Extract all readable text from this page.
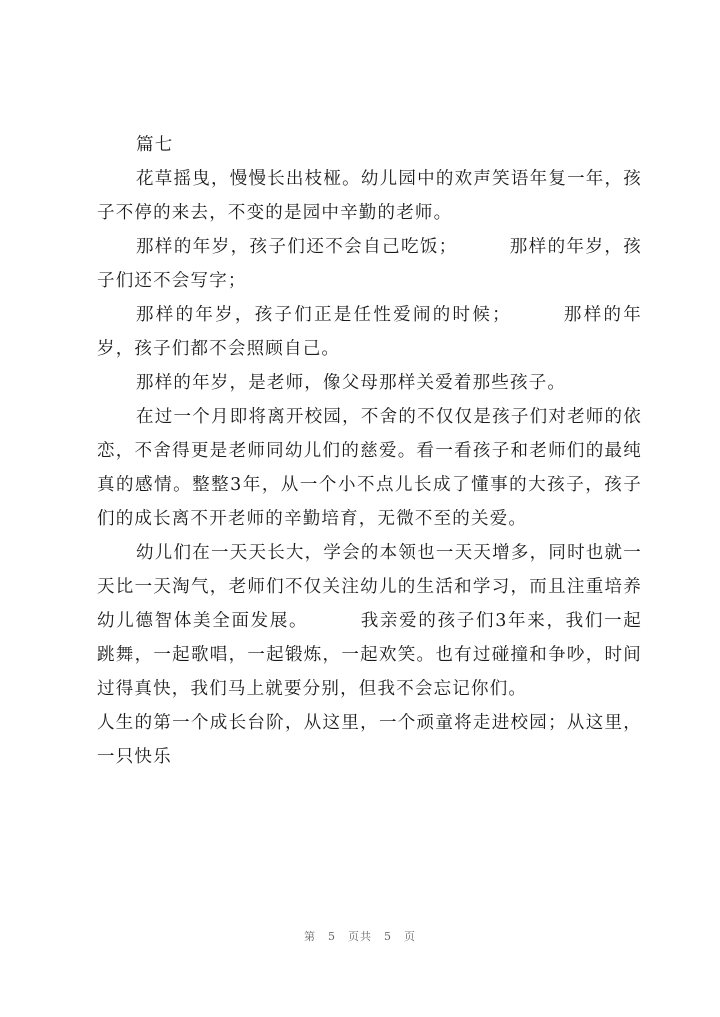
篇七

花草摇曳，慢慢长出枝桠。幼儿园中的欢声笑语年复一年，孩子不停的来去，不变的是园中辛勤的老师。

那样的年岁，孩子们还不会自己吃饭；	那样的年岁，孩子们还不会写字；

那样的年岁，孩子们正是任性爱闹的时候；	那样的年岁，孩子们都不会照顾自己。

那样的年岁，是老师，像父母那样关爱着那些孩子。

在过一个月即将离开校园，不舍的不仅仅是孩子们对老师的依恋，不舍得更是老师同幼儿们的慈爱。看一看孩子和老师们的最纯真的感情。整整3年，从一个小不点儿长成了懂事的大孩子，孩子们的成长离不开老师的辛勤培育，无微不至的关爱。

幼儿们在一天天长大，学会的本领也一天天增多，同时也就一天比一天淘气，老师们不仅关注幼儿的生活和学习，而且注重培养幼儿德智体美全面发展。	我亲爱的孩子们3年来，我们一起跳舞，一起歌唱，一起锻炼，一起欢笑。也有过碰撞和争吵，时间过得真快，我们马上就要分别，但我不会忘记你们。

人生的第一个成长台阶，从这里，一个顽童将走进校园；从这里，一只快乐

第 5 页共 5 页
